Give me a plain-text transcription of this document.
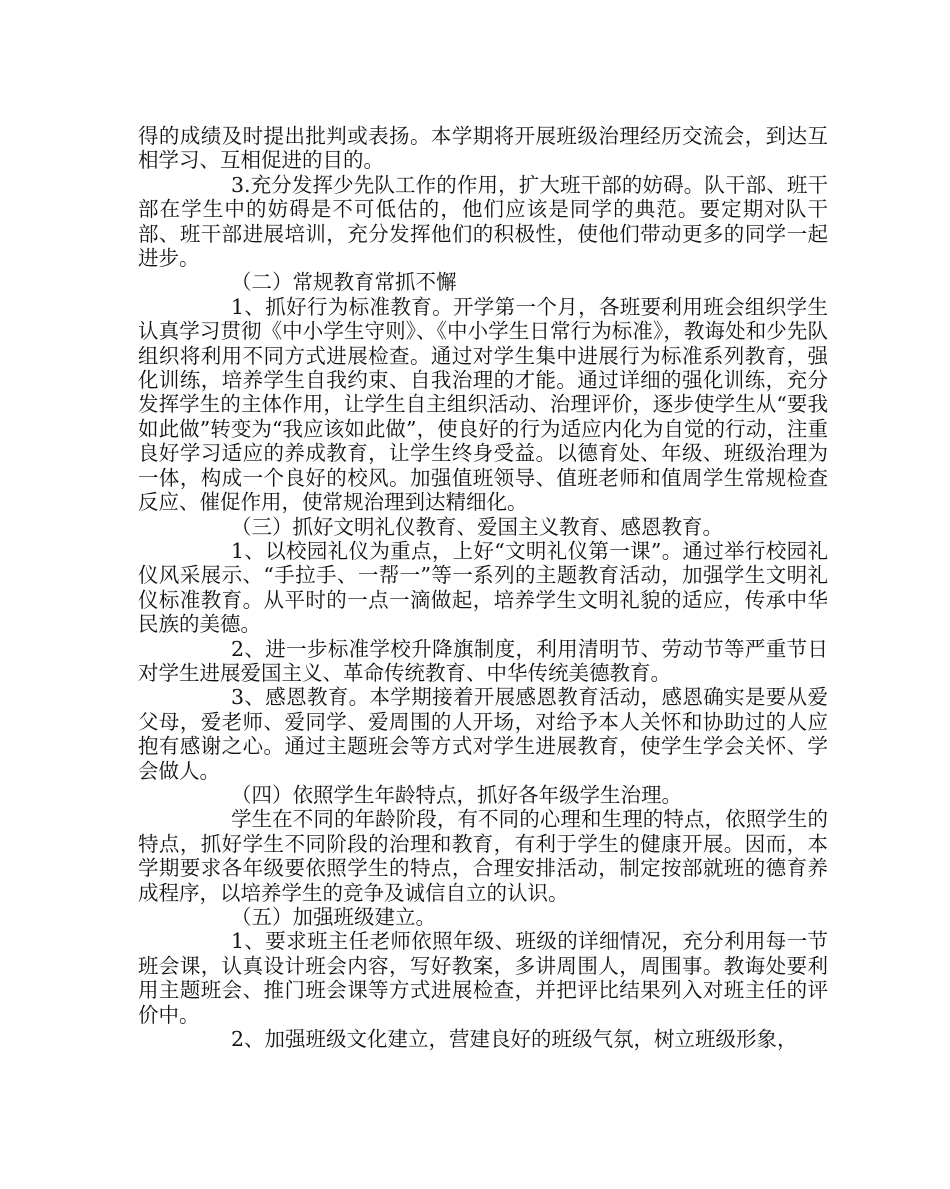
得的成绩及时提出批判或表扬。本学期将开展班级治理经历交流会，到达互相学习、互相促进的目的。

3.充分发挥少先队工作的作用，扩大班干部的妨碍。队干部、班干部在学生中的妨碍是不可低估的，他们应该是同学的典范。要定期对队干部、班干部进展培训，充分发挥他们的积极性，使他们带动更多的同学一起进步。

（二）常规教育常抓不懈

1、抓好行为标准教育。开学第一个月，各班要利用班会组织学生认真学习贯彻《中小学生守则》、《中小学生日常行为标准》，教诲处和少先队组织将利用不同方式进展检查。通过对学生集中进展行为标准系列教育，强化训练，培养学生自我约束、自我治理的才能。通过详细的强化训练，充分发挥学生的主体作用，让学生自主组织活动、治理评价，逐步使学生从“要我如此做”转变为“我应该如此做”，使良好的行为适应内化为自觉的行动，注重良好学习适应的养成教育，让学生终身受益。以德育处、年级、班级治理为一体，构成一个良好的校风。加强值班领导、值班老师和值周学生常规检查反应、催促作用，使常规治理到达精细化。

（三）抓好文明礼仪教育、爱国主义教育、感恩教育。

1、以校园礼仪为重点，上好“文明礼仪第一课”。通过举行校园礼仪风采展示、“手拉手、一帮一”等一系列的主题教育活动，加强学生文明礼仪标准教育。从平时的一点一滴做起，培养学生文明礼貌的适应，传承中华民族的美德。

2、进一步标准学校升降旗制度，利用清明节、劳动节等严重节日对学生进展爱国主义、革命传统教育、中华传统美德教育。

3、感恩教育。本学期接着开展感恩教育活动，感恩确实是要从爱父母，爱老师、爱同学、爱周围的人开场，对给予本人关怀和协助过的人应抱有感谢之心。通过主题班会等方式对学生进展教育，使学生学会关怀、学会做人。

（四）依照学生年龄特点，抓好各年级学生治理。

学生在不同的年龄阶段，有不同的心理和生理的特点，依照学生的特点，抓好学生不同阶段的治理和教育，有利于学生的健康开展。因而，本学期要求各年级要依照学生的特点，合理安排活动，制定按部就班的德育养成程序，以培养学生的竞争及诚信自立的认识。

（五）加强班级建立。

1、要求班主任老师依照年级、班级的详细情况，充分利用每一节班会课，认真设计班会内容，写好教案，多讲周围人，周围事。教诲处要利用主题班会、推门班会课等方式进展检查，并把评比结果列入对班主任的评价中。

2、加强班级文化建立，营建良好的班级气氛，树立班级形象，
